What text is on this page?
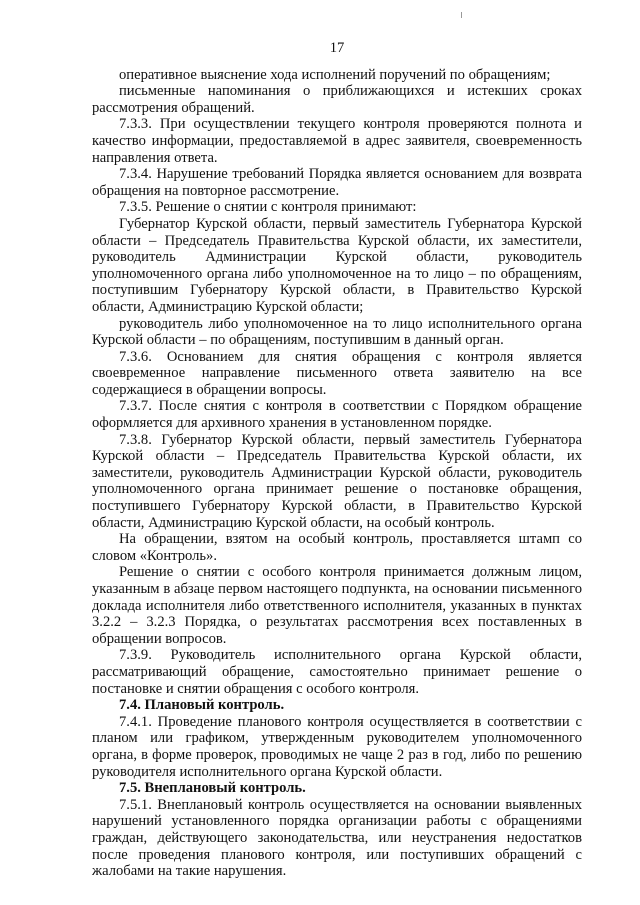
17

оперативное выяснение хода исполнений поручений по обращениям;

письменные напоминания о приближающихся и истекших сроках рассмотрения обращений.

7.3.3. При осуществлении текущего контроля проверяются полнота и качество информации, предоставляемой в адрес заявителя, своевременность направления ответа.

7.3.4. Нарушение требований Порядка является основанием для возврата обращения на повторное рассмотрение.

7.3.5. Решение о снятии с контроля принимают:

Губернатор Курской области, первый заместитель Губернатора Курской области – Председатель Правительства Курской области, их заместители, руководитель Администрации Курской области, руководитель уполномоченного органа либо уполномоченное на то лицо – по обращениям, поступившим Губернатору Курской области, в Правительство Курской области, Администрацию Курской области;

руководитель либо уполномоченное на то лицо исполнительного органа Курской области – по обращениям, поступившим в данный орган.

7.3.6. Основанием для снятия обращения с контроля является своевременное направление письменного ответа заявителю на все содержащиеся в обращении вопросы.

7.3.7. После снятия с контроля в соответствии с Порядком обращение оформляется для архивного хранения в установленном порядке.

7.3.8. Губернатор Курской области, первый заместитель Губернатора Курской области – Председатель Правительства Курской области, их заместители, руководитель Администрации Курской области, руководитель уполномоченного органа принимает решение о постановке обращения, поступившего Губернатору Курской области, в Правительство Курской области, Администрацию Курской области, на особый контроль.

На обращении, взятом на особый контроль, проставляется штамп со словом «Контроль».

Решение о снятии с особого контроля принимается должным лицом, указанным в абзаце первом настоящего подпункта, на основании письменного доклада исполнителя либо ответственного исполнителя, указанных в пунктах 3.2.2 – 3.2.3 Порядка, о результатах рассмотрения всех поставленных в обращении вопросов.

7.3.9. Руководитель исполнительного органа Курской области, рассматривающий обращение, самостоятельно принимает решение о постановке и снятии обращения с особого контроля.

7.4. Плановый контроль.

7.4.1. Проведение планового контроля осуществляется в соответствии с планом или графиком, утвержденным руководителем уполномоченного органа, в форме проверок, проводимых не чаще 2 раз в год, либо по решению руководителя исполнительного органа Курской области.

7.5. Внеплановый контроль.

7.5.1. Внеплановый контроль осуществляется на основании выявленных нарушений установленного порядка организации работы с обращениями граждан, действующего законодательства, или неустранения недостатков после проведения планового контроля, или поступивших обращений с жалобами на такие нарушения.
